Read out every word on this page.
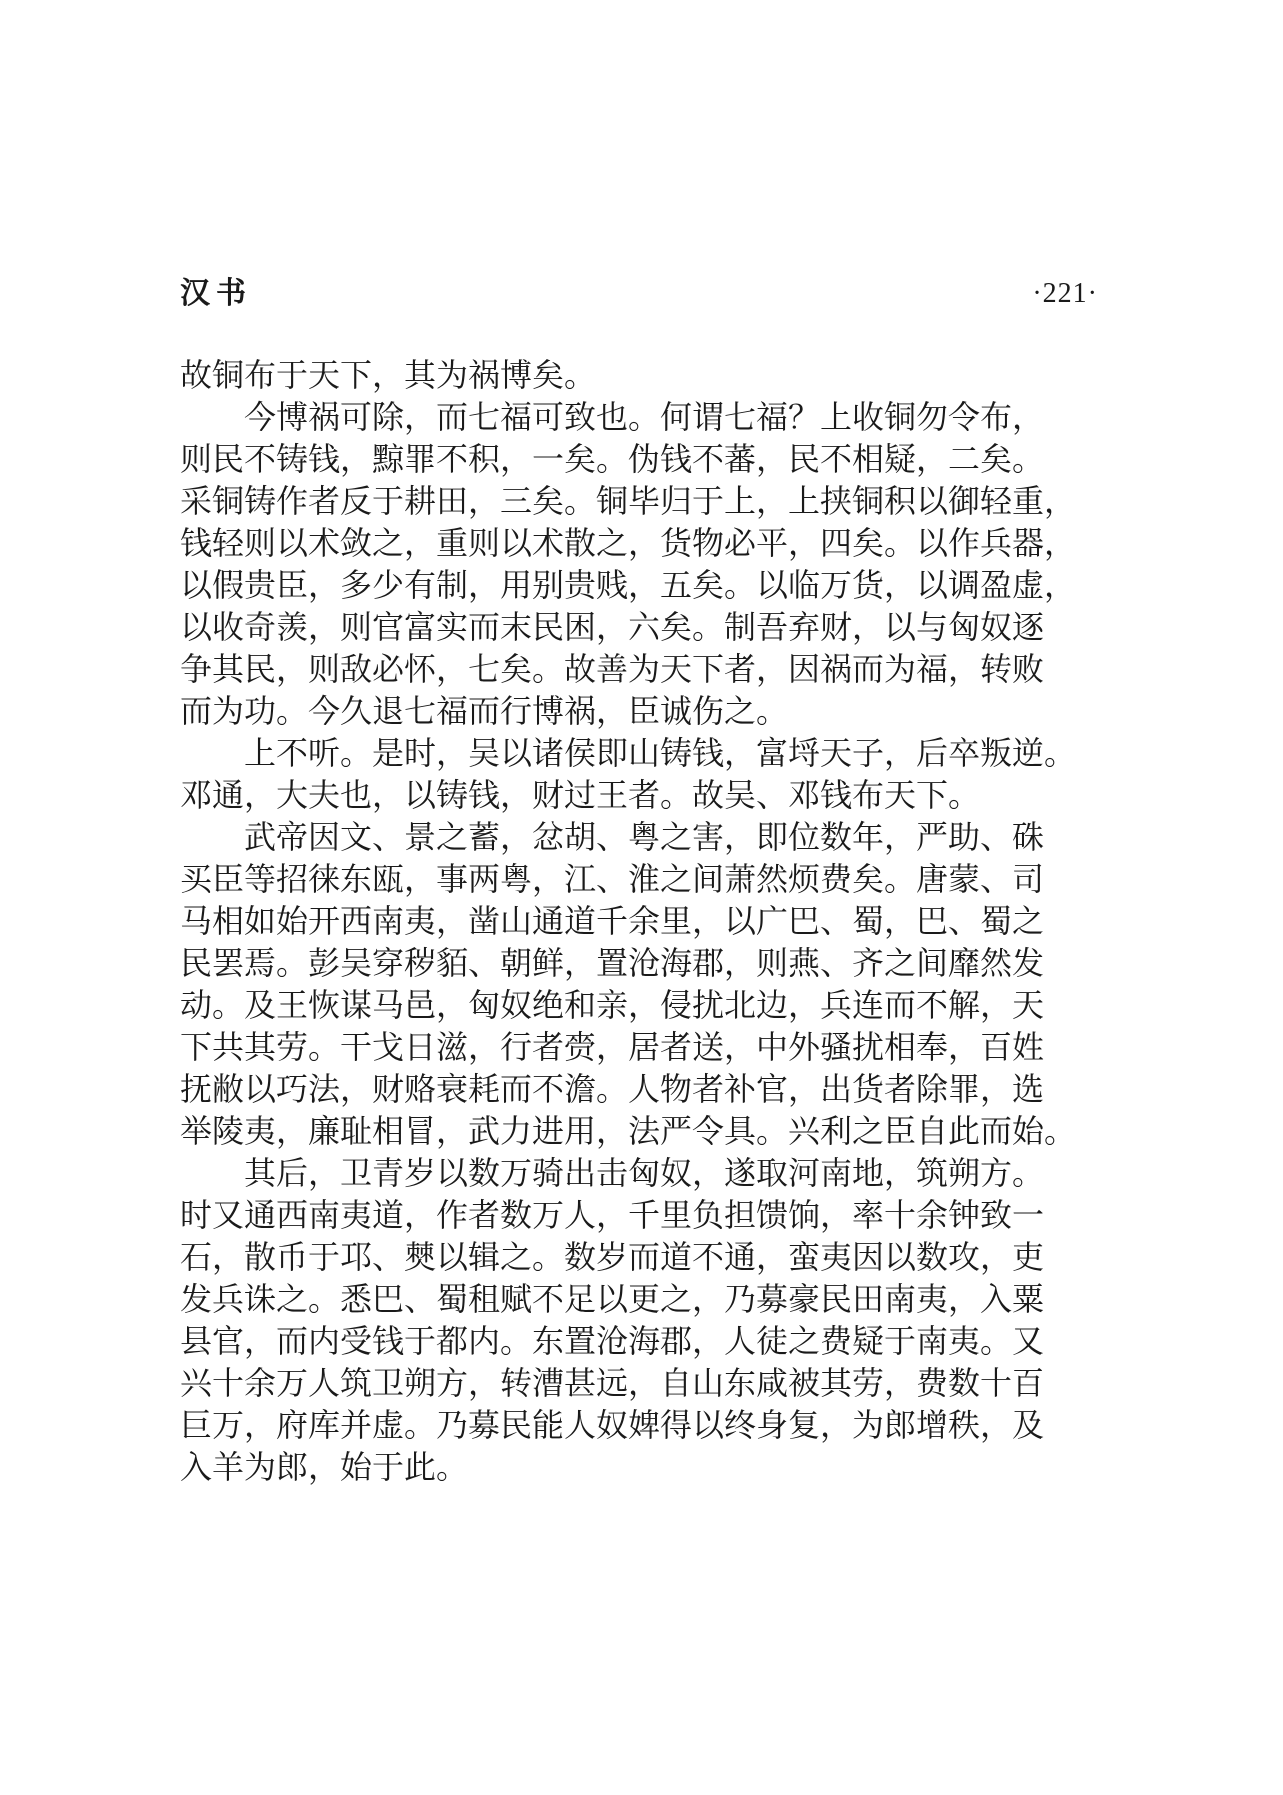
汉书	·221·
故铜布于天下，其为祸博矣。
今博祸可除，而七福可致也。何谓七福？上收铜勿令布，
则民不铸钱，黥罪不积，一矣。伪钱不蕃，民不相疑，二矣。
采铜铸作者反于耕田，三矣。铜毕归于上，上挟铜积以御轻重，
钱轻则以术敛之，重则以术散之，货物必平，四矣。以作兵器，
以假贵臣，多少有制，用别贵贱，五矣。以临万货，以调盈虚，
以收奇羡，则官富实而末民困，六矣。制吾弃财，以与匈奴逐
争其民，则敌必怀，七矣。故善为天下者，因祸而为福，转败
而为功。今久退七福而行博祸，臣诚伤之。
上不听。是时，吴以诸侯即山铸钱，富埒天子，后卒叛逆。
邓通，大夫也，以铸钱，财过王者。故吴、邓钱布天下。
武帝因文、景之蓄，忿胡、粤之害，即位数年，严助、硃
买臣等招徕东瓯，事两粤，江、淮之间萧然烦费矣。唐蒙、司
马相如始开西南夷，凿山通道千余里，以广巴、蜀，巴、蜀之
民罢焉。彭吴穿秽貊、朝鲜，置沧海郡，则燕、齐之间靡然发
动。及王恢谋马邑，匈奴绝和亲，侵扰北边，兵连而不解，天
下共其劳。干戈日滋，行者赍，居者送，中外骚扰相奉，百姓
抚敝以巧法，财赂衰耗而不澹。人物者补官，出货者除罪，选
举陵夷，廉耻相冒，武力进用，法严令具。兴利之臣自此而始。
其后，卫青岁以数万骑出击匈奴，遂取河南地，筑朔方。
时又通西南夷道，作者数万人，千里负担馈饷，率十余钟致一
石，散币于邛、僰以辑之。数岁而道不通，蛮夷因以数攻，吏
发兵诛之。悉巴、蜀租赋不足以更之，乃募豪民田南夷，入粟
县官，而内受钱于都内。东置沧海郡，人徒之费疑于南夷。又
兴十余万人筑卫朔方，转漕甚远，自山东咸被其劳，费数十百
巨万，府库并虚。乃募民能人奴婢得以终身复，为郎增秩，及
入羊为郎，始于此。
